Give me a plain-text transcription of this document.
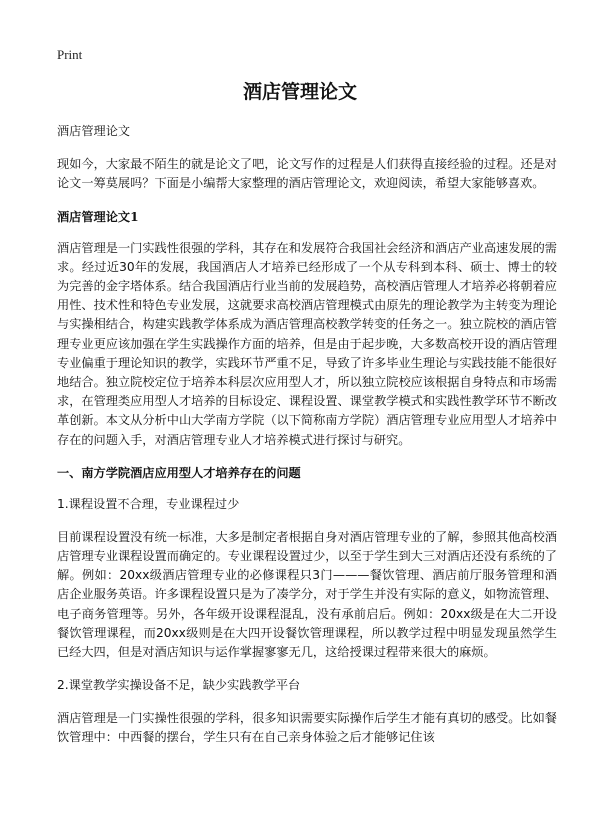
Print
酒店管理论文

酒店管理论文

现如今，大家最不陌生的就是论文了吧，论文写作的过程是人们获得直接经验的过程。还是对论文一筹莫展吗？下面是小编帮大家整理的酒店管理论文，欢迎阅读，希望大家能够喜欢。

酒店管理论文1

酒店管理是一门实践性很强的学科，其存在和发展符合我国社会经济和酒店产业高速发展的需求。经过近30年的发展，我国酒店人才培养已经形成了一个从专科到本科、硕士、博士的较为完善的金字塔体系。结合我国酒店行业当前的发展趋势，高校酒店管理人才培养必将朝着应用性、技术性和特色专业发展，这就要求高校酒店管理模式由原先的理论教学为主转变为理论与实操相结合，构建实践教学体系成为酒店管理高校教学转变的任务之一。独立院校的酒店管理专业更应该加强在学生实践操作方面的培养，但是由于起步晚，大多数高校开设的酒店管理专业偏重于理论知识的教学，实践环节严重不足，导致了许多毕业生理论与实践技能不能很好地结合。独立院校定位于培养本科层次应用型人才，所以独立院校应该根据自身特点和市场需求，在管理类应用型人才培养的目标设定、课程设置、课堂教学模式和实践性教学环节不断改革创新。本文从分析中山大学南方学院（以下简称南方学院）酒店管理专业应用型人才培养中存在的问题入手，对酒店管理专业人才培养模式进行探讨与研究。

一、南方学院酒店应用型人才培养存在的问题

1.课程设置不合理，专业课程过少

目前课程设置没有统一标准，大多是制定者根据自身对酒店管理专业的了解，参照其他高校酒店管理专业课程设置而确定的。专业课程设置过少，以至于学生到大三对酒店还没有系统的了解。例如：20xx级酒店管理专业的必修课程只3门———餐饮管理、酒店前厅服务管理和酒店企业服务英语。许多课程设置只是为了凑学分，对于学生并没有实际的意义，如物流管理、电子商务管理等。另外，各年级开设课程混乱，没有承前启后。例如：20xx级是在大二开设餐饮管理课程，而20xx级则是在大四开设餐饮管理课程，所以教学过程中明显发现虽然学生已经大四，但是对酒店知识与运作掌握寥寥无几，这给授课过程带来很大的麻烦。

2.课堂教学实操设备不足，缺少实践教学平台

酒店管理是一门实操性很强的学科，很多知识需要实际操作后学生才能有真切的感受。比如餐饮管理中：中西餐的摆台，学生只有在自己亲身体验之后才能够记住该
